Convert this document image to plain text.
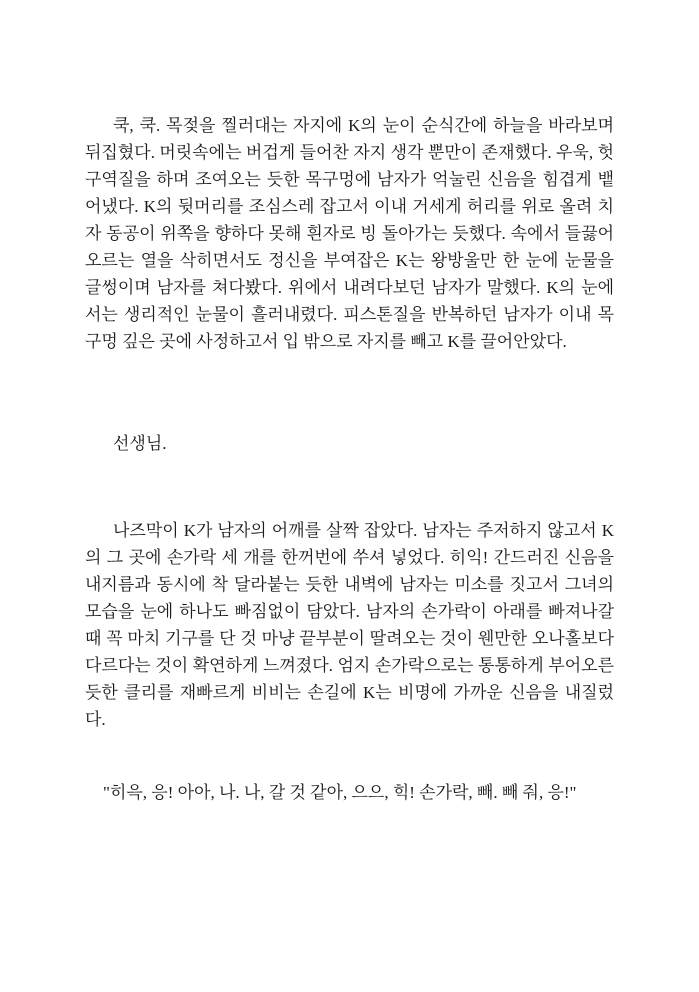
쿡, 쿡. 목젖을 찔러대는 자지에 K의 눈이 순식간에 하늘을 바라보며 뒤집혔다. 머릿속에는 버겁게 들어찬 자지 생각 뿐만이 존재했다. 우욱, 헛구역질을 하며 조여오는 듯한 목구멍에 남자가 억눌린 신음을 힘겹게 뱉어냈다. K의 뒷머리를 조심스레 잡고서 이내 거세게 허리를 위로 올려 치자 동공이 위쪽을 향하다 못해 흰자로 빙 돌아가는 듯했다. 속에서 들끓어 오르는 열을 삭히면서도 정신을 부여잡은 K는 왕방울만 한 눈에 눈물을 글썽이며 남자를 쳐다봤다. 위에서 내려다보던 남자가 말했다. K의 눈에서는 생리적인 눈물이 흘러내렸다. 피스톤질을 반복하던 남자가 이내 목구멍 깊은 곳에 사정하고서 입 밖으로 자지를 빼고 K를 끌어안았다.

선생님.

나즈막이 K가 남자의 어깨를 살짝 잡았다. 남자는 주저하지 않고서 K의 그 곳에 손가락 세 개를 한꺼번에 쑤셔 넣었다. 히익! 간드러진 신음을 내지름과 동시에 착 달라붙는 듯한 내벽에 남자는 미소를 짓고서 그녀의 모습을 눈에 하나도 빠짐없이 담았다. 남자의 손가락이 아래를 빠져나갈 때 꼭 마치 기구를 단 것 마냥 끝부분이 딸려오는 것이 웬만한 오나홀보다 다르다는 것이 확연하게 느껴졌다. 엄지 손가락으로는 통통하게 부어오른 듯한 클리를 재빠르게 비비는 손길에 K는 비명에 가까운 신음을 내질렀다.

"히윽, 응! 아아, 나. 나, 갈 것 같아, 으으, 힉! 손가락, 빼. 빼 줘, 응!"
